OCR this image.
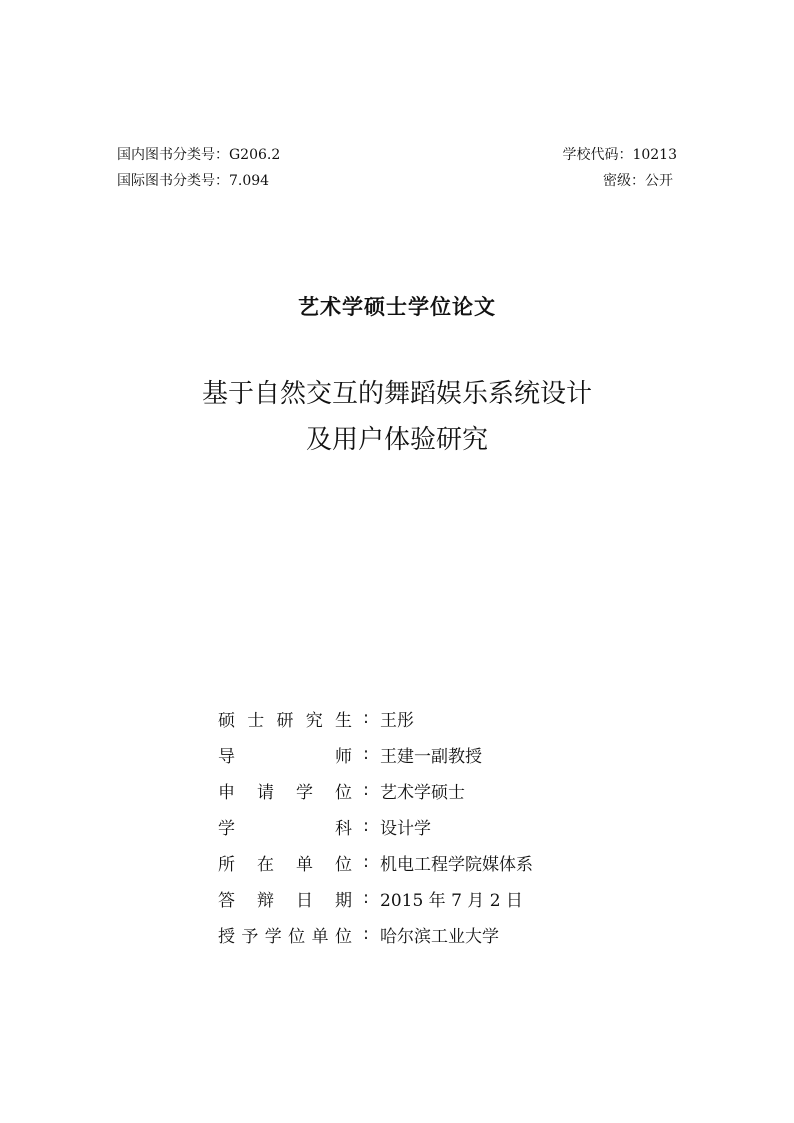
国内图书分类号：G206.2
国际图书分类号：7.094
学校代码：10213
密级：公开
艺术学硕士学位论文
基于自然交互的舞蹈娱乐系统设计
及用户体验研究
硕 士 研 究 生 : 王彤
导	师 : 王建一副教授
申 请 学 位 : 艺术学硕士
学	科 : 设计学
所 在 单 位 : 机电工程学院媒体系
答 辩 日 期 : 2015 年 7 月 2 日
授 予 学 位 单 位 : 哈尔滨工业大学
